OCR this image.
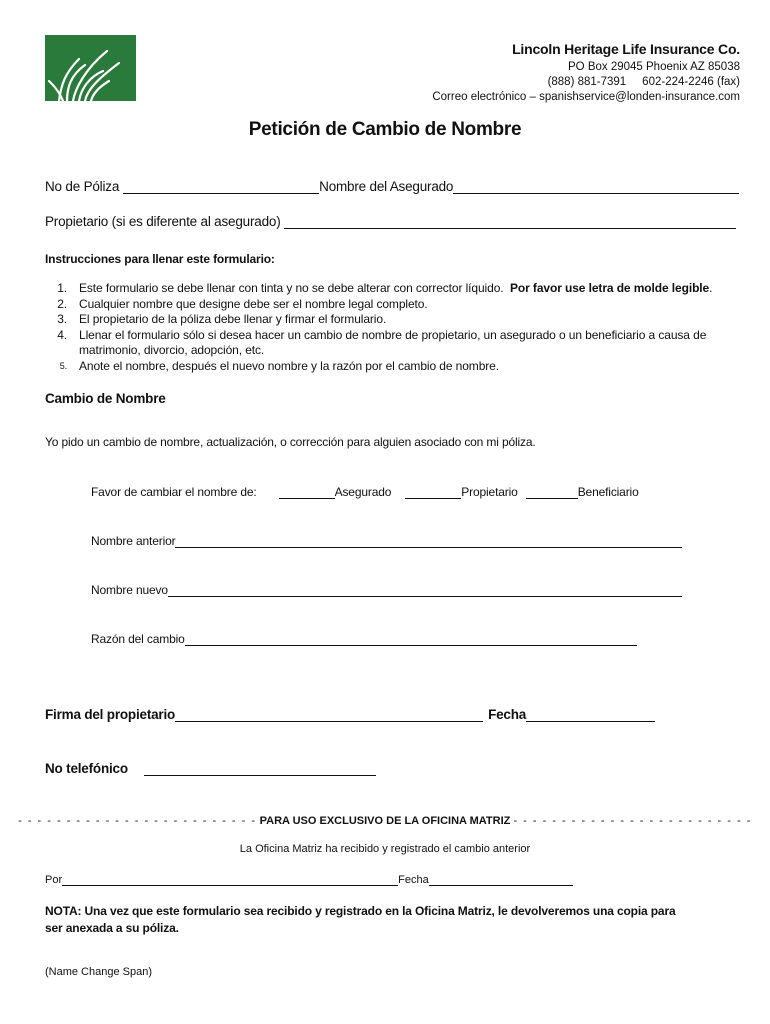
Lincoln Heritage Life Insurance Co.
PO Box 29045 Phoenix AZ 85038
(888) 881-7391     602-224-2246 (fax)
Correo electrónico – spanishservice@londen-insurance.com
Petición de Cambio de Nombre
No de Póliza	Nombre del Asegurado
Propietario (si es diferente al asegurado)
Instrucciones para llenar este formulario:
1. Este formulario se debe llenar con tinta y no se debe alterar con corrector líquido. Por favor use letra de molde legible.
2. Cualquier nombre que designe debe ser el nombre legal completo.
3. El propietario de la póliza debe llenar y firmar el formulario.
4. Llenar el formulario sólo si desea hacer un cambio de nombre de propietario, un asegurado o un beneficiario a causa de matrimonio, divorcio, adopción, etc.
5. Anote el nombre, después el nuevo nombre y la razón por el cambio de nombre.
Cambio de Nombre
Yo pido un cambio de nombre, actualización, o corrección para alguien asociado con mi póliza.
Favor de cambiar el nombre de:	Asegurado	Propietario	Beneficiario
Nombre anterior
Nombre nuevo
Razón del cambio
Firma del propietario	Fecha
No telefónico
- - - - - - - - - - - - - - - - - - - - - - - - - PARA USO EXCLUSIVO DE LA OFICINA MATRIZ - - - - - - - - - - - - - - - - - - - - - - - - -
La Oficina Matriz ha recibido y registrado el cambio anterior
Por	Fecha
NOTA: Una vez que este formulario sea recibido y registrado en la Oficina Matriz, le devolveremos una copia para ser anexada a su póliza.
(Name Change Span)
